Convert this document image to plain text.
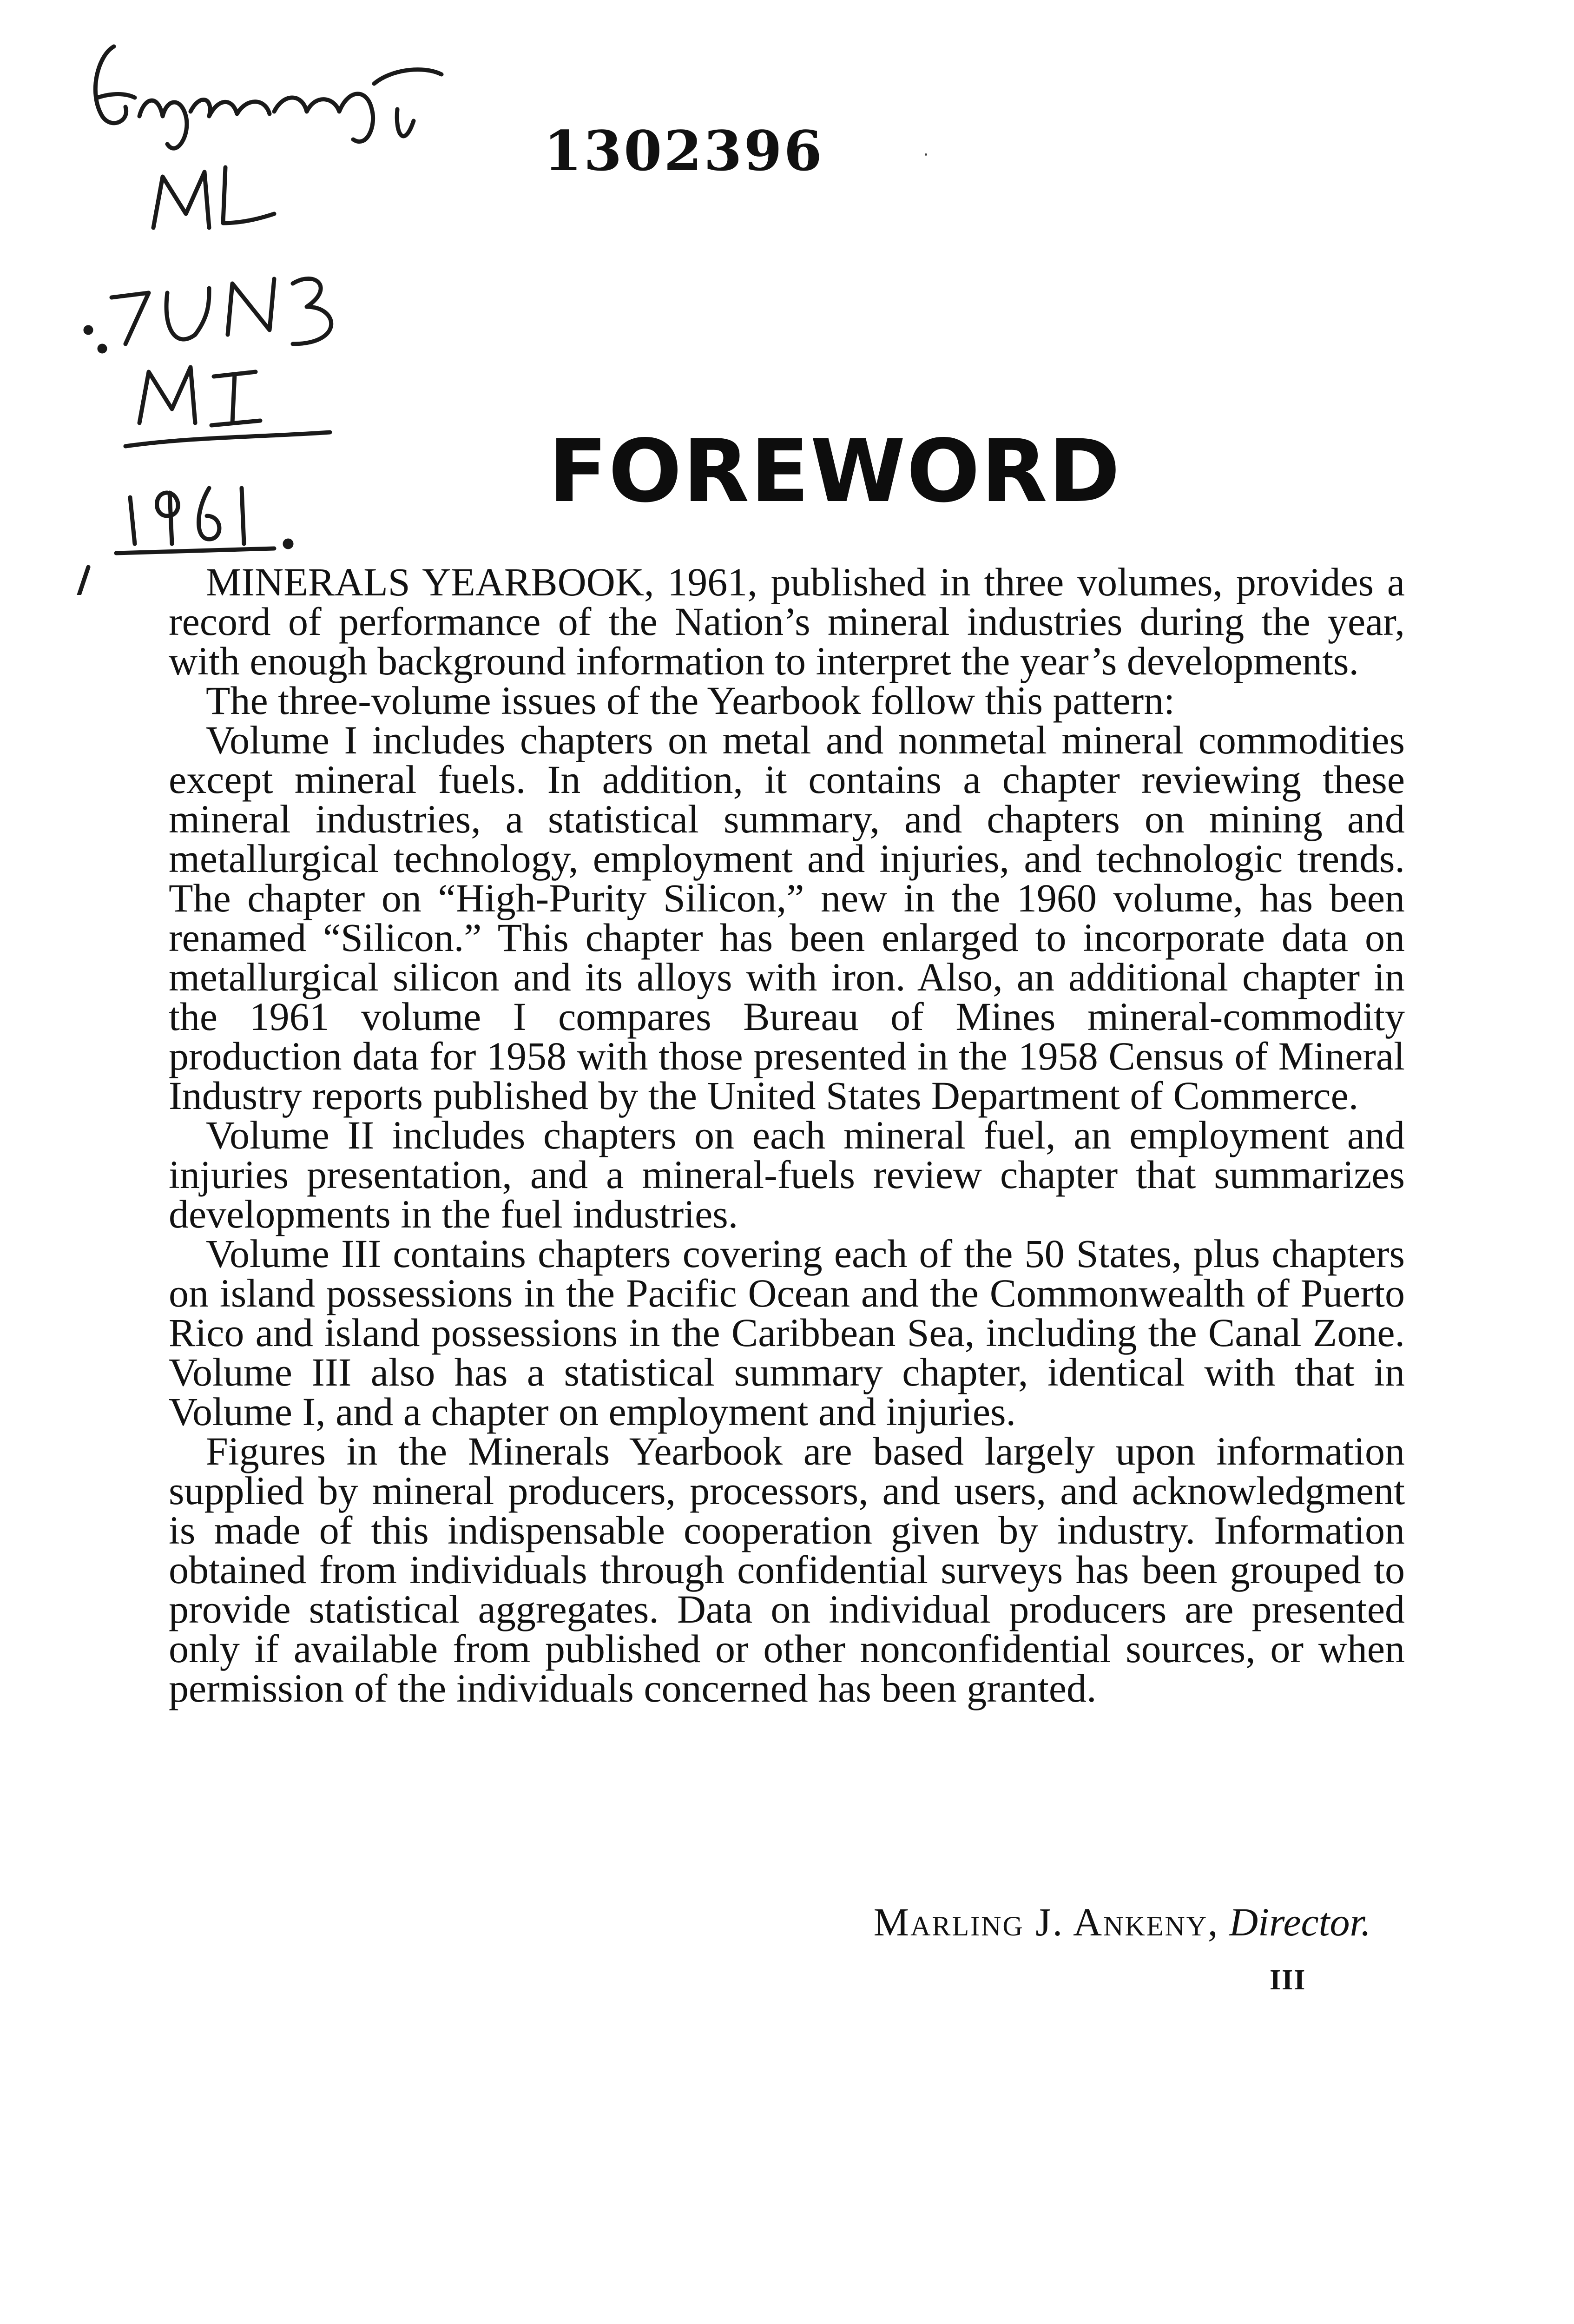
1302396
FOREWORD

MINERALS YEARBOOK, 1961, published in three volumes, provides a record of performance of the Nation’s mineral industries during the year, with enough background information to interpret the year’s developments.

The three-volume issues of the Yearbook follow this pattern:

Volume I includes chapters on metal and nonmetal mineral commodities except mineral fuels. In addition, it contains a chapter reviewing these mineral industries, a statistical summary, and chapters on mining and metallurgical technology, employment and injuries, and technologic trends. The chapter on “High-Purity Silicon,” new in the 1960 volume, has been renamed “Silicon.” This chapter has been enlarged to incorporate data on metallurgical silicon and its alloys with iron. Also, an additional chapter in the 1961 volume I compares Bureau of Mines mineral-commodity production data for 1958 with those presented in the 1958 Census of Mineral Industry reports published by the United States Department of Commerce.

Volume II includes chapters on each mineral fuel, an employment and injuries presentation, and a mineral-fuels review chapter that summarizes developments in the fuel industries.

Volume III contains chapters covering each of the 50 States, plus chapters on island possessions in the Pacific Ocean and the Commonwealth of Puerto Rico and island possessions in the Caribbean Sea, including the Canal Zone. Volume III also has a statistical summary chapter, identical with that in Volume I, and a chapter on employment and injuries.

Figures in the Minerals Yearbook are based largely upon information supplied by mineral producers, processors, and users, and acknowledgment is made of this indispensable cooperation given by industry. Information obtained from individuals through confidential surveys has been grouped to provide statistical aggregates. Data on individual producers are presented only if available from published or other nonconfidential sources, or when permission of the individuals concerned has been granted.

Marling J. Ankeny, Director.
III
